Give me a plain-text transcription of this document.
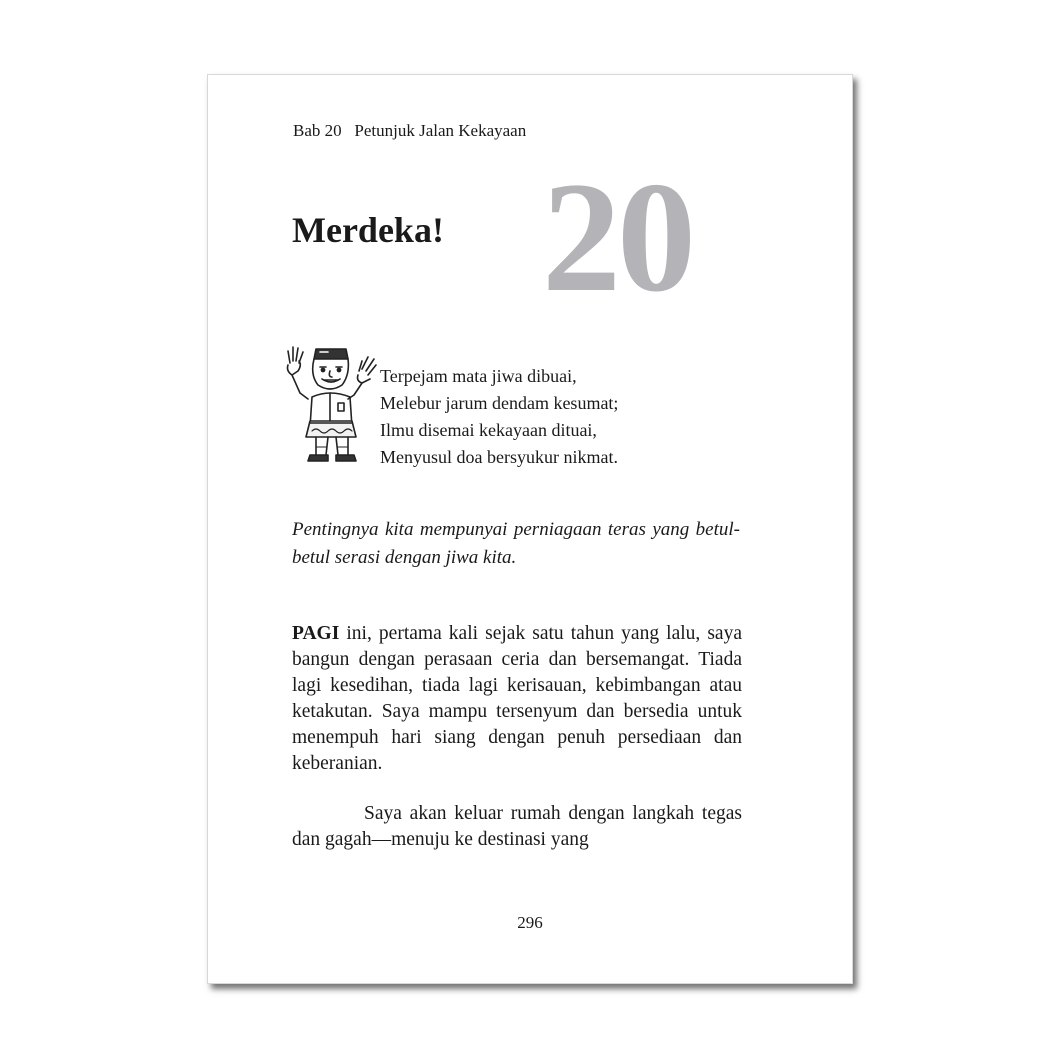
Bab 20   Petunjuk Jalan Kekayaan
Merdeka! 20
Terpejam mata jiwa dibuai,
Melebur jarum dendam kesumat;
Ilmu disemai kekayaan dituai,
Menyusul doa bersyukur nikmat.

Pentingnya kita mempunyai perniagaan teras yang betul-betul serasi dengan jiwa kita.

PAGI ini, pertama kali sejak satu tahun yang lalu, saya bangun dengan perasaan ceria dan bersemangat. Tiada lagi kesedihan, tiada lagi kerisauan, kebimbangan atau ketakutan. Saya mampu tersenyum dan bersedia untuk menempuh hari siang dengan penuh persediaan dan keberanian.

Saya akan keluar rumah dengan langkah tegas dan gagah—menuju ke destinasi yang

296
